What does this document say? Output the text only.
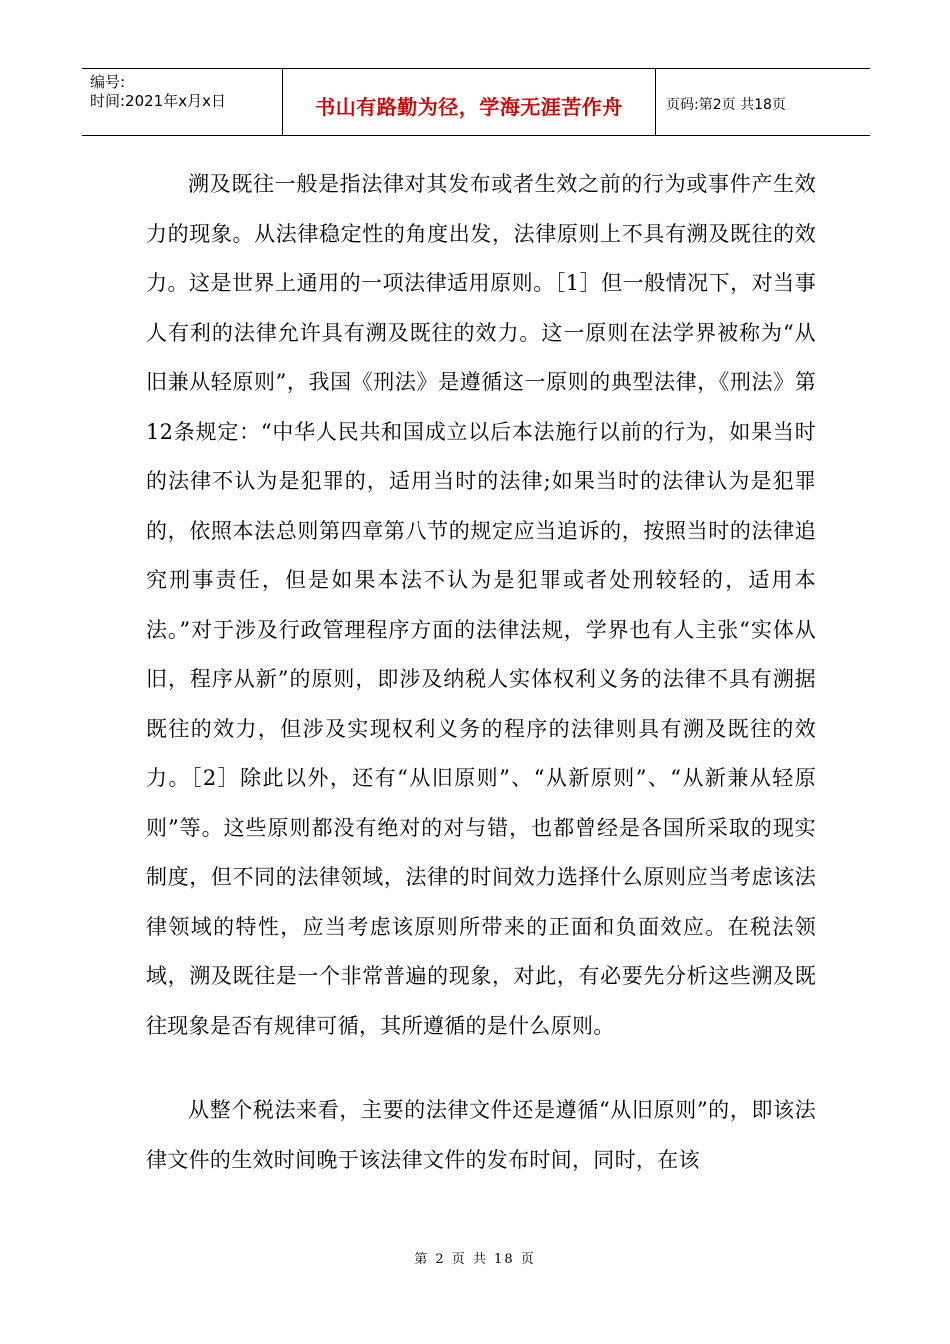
编号:
时间:2021年x月x日	书山有路勤为径，学海无涯苦作舟	页码:第2页 共18页

溯及既往一般是指法律对其发布或者生效之前的行为或事件产生效力的现象。从法律稳定性的角度出发，法律原则上不具有溯及既往的效力。这是世界上通用的一项法律适用原则。［1］但一般情况下，对当事人有利的法律允许具有溯及既往的效力。这一原则在法学界被称为“从旧兼从轻原则”，我国《刑法》是遵循这一原则的典型法律，《刑法》第12条规定：“中华人民共和国成立以后本法施行以前的行为，如果当时的法律不认为是犯罪的，适用当时的法律;如果当时的法律认为是犯罪的，依照本法总则第四章第八节的规定应当追诉的，按照当时的法律追究刑事责任，但是如果本法不认为是犯罪或者处刑较轻的，适用本法。”对于涉及行政管理程序方面的法律法规，学界也有人主张“实体从旧，程序从新”的原则，即涉及纳税人实体权利义务的法律不具有溯据既往的效力，但涉及实现权利义务的程序的法律则具有溯及既往的效力。［2］除此以外，还有“从旧原则”、“从新原则”、“从新兼从轻原则”等。这些原则都没有绝对的对与错，也都曾经是各国所采取的现实制度，但不同的法律领域，法律的时间效力选择什么原则应当考虑该法律领域的特性，应当考虑该原则所带来的正面和负面效应。在税法领域，溯及既往是一个非常普遍的现象，对此，有必要先分析这些溯及既往现象是否有规律可循，其所遵循的是什么原则。

从整个税法来看，主要的法律文件还是遵循“从旧原则”的，即该法律文件的生效时间晚于该法律文件的发布时间，同时，在该

第 2 页 共 18 页
